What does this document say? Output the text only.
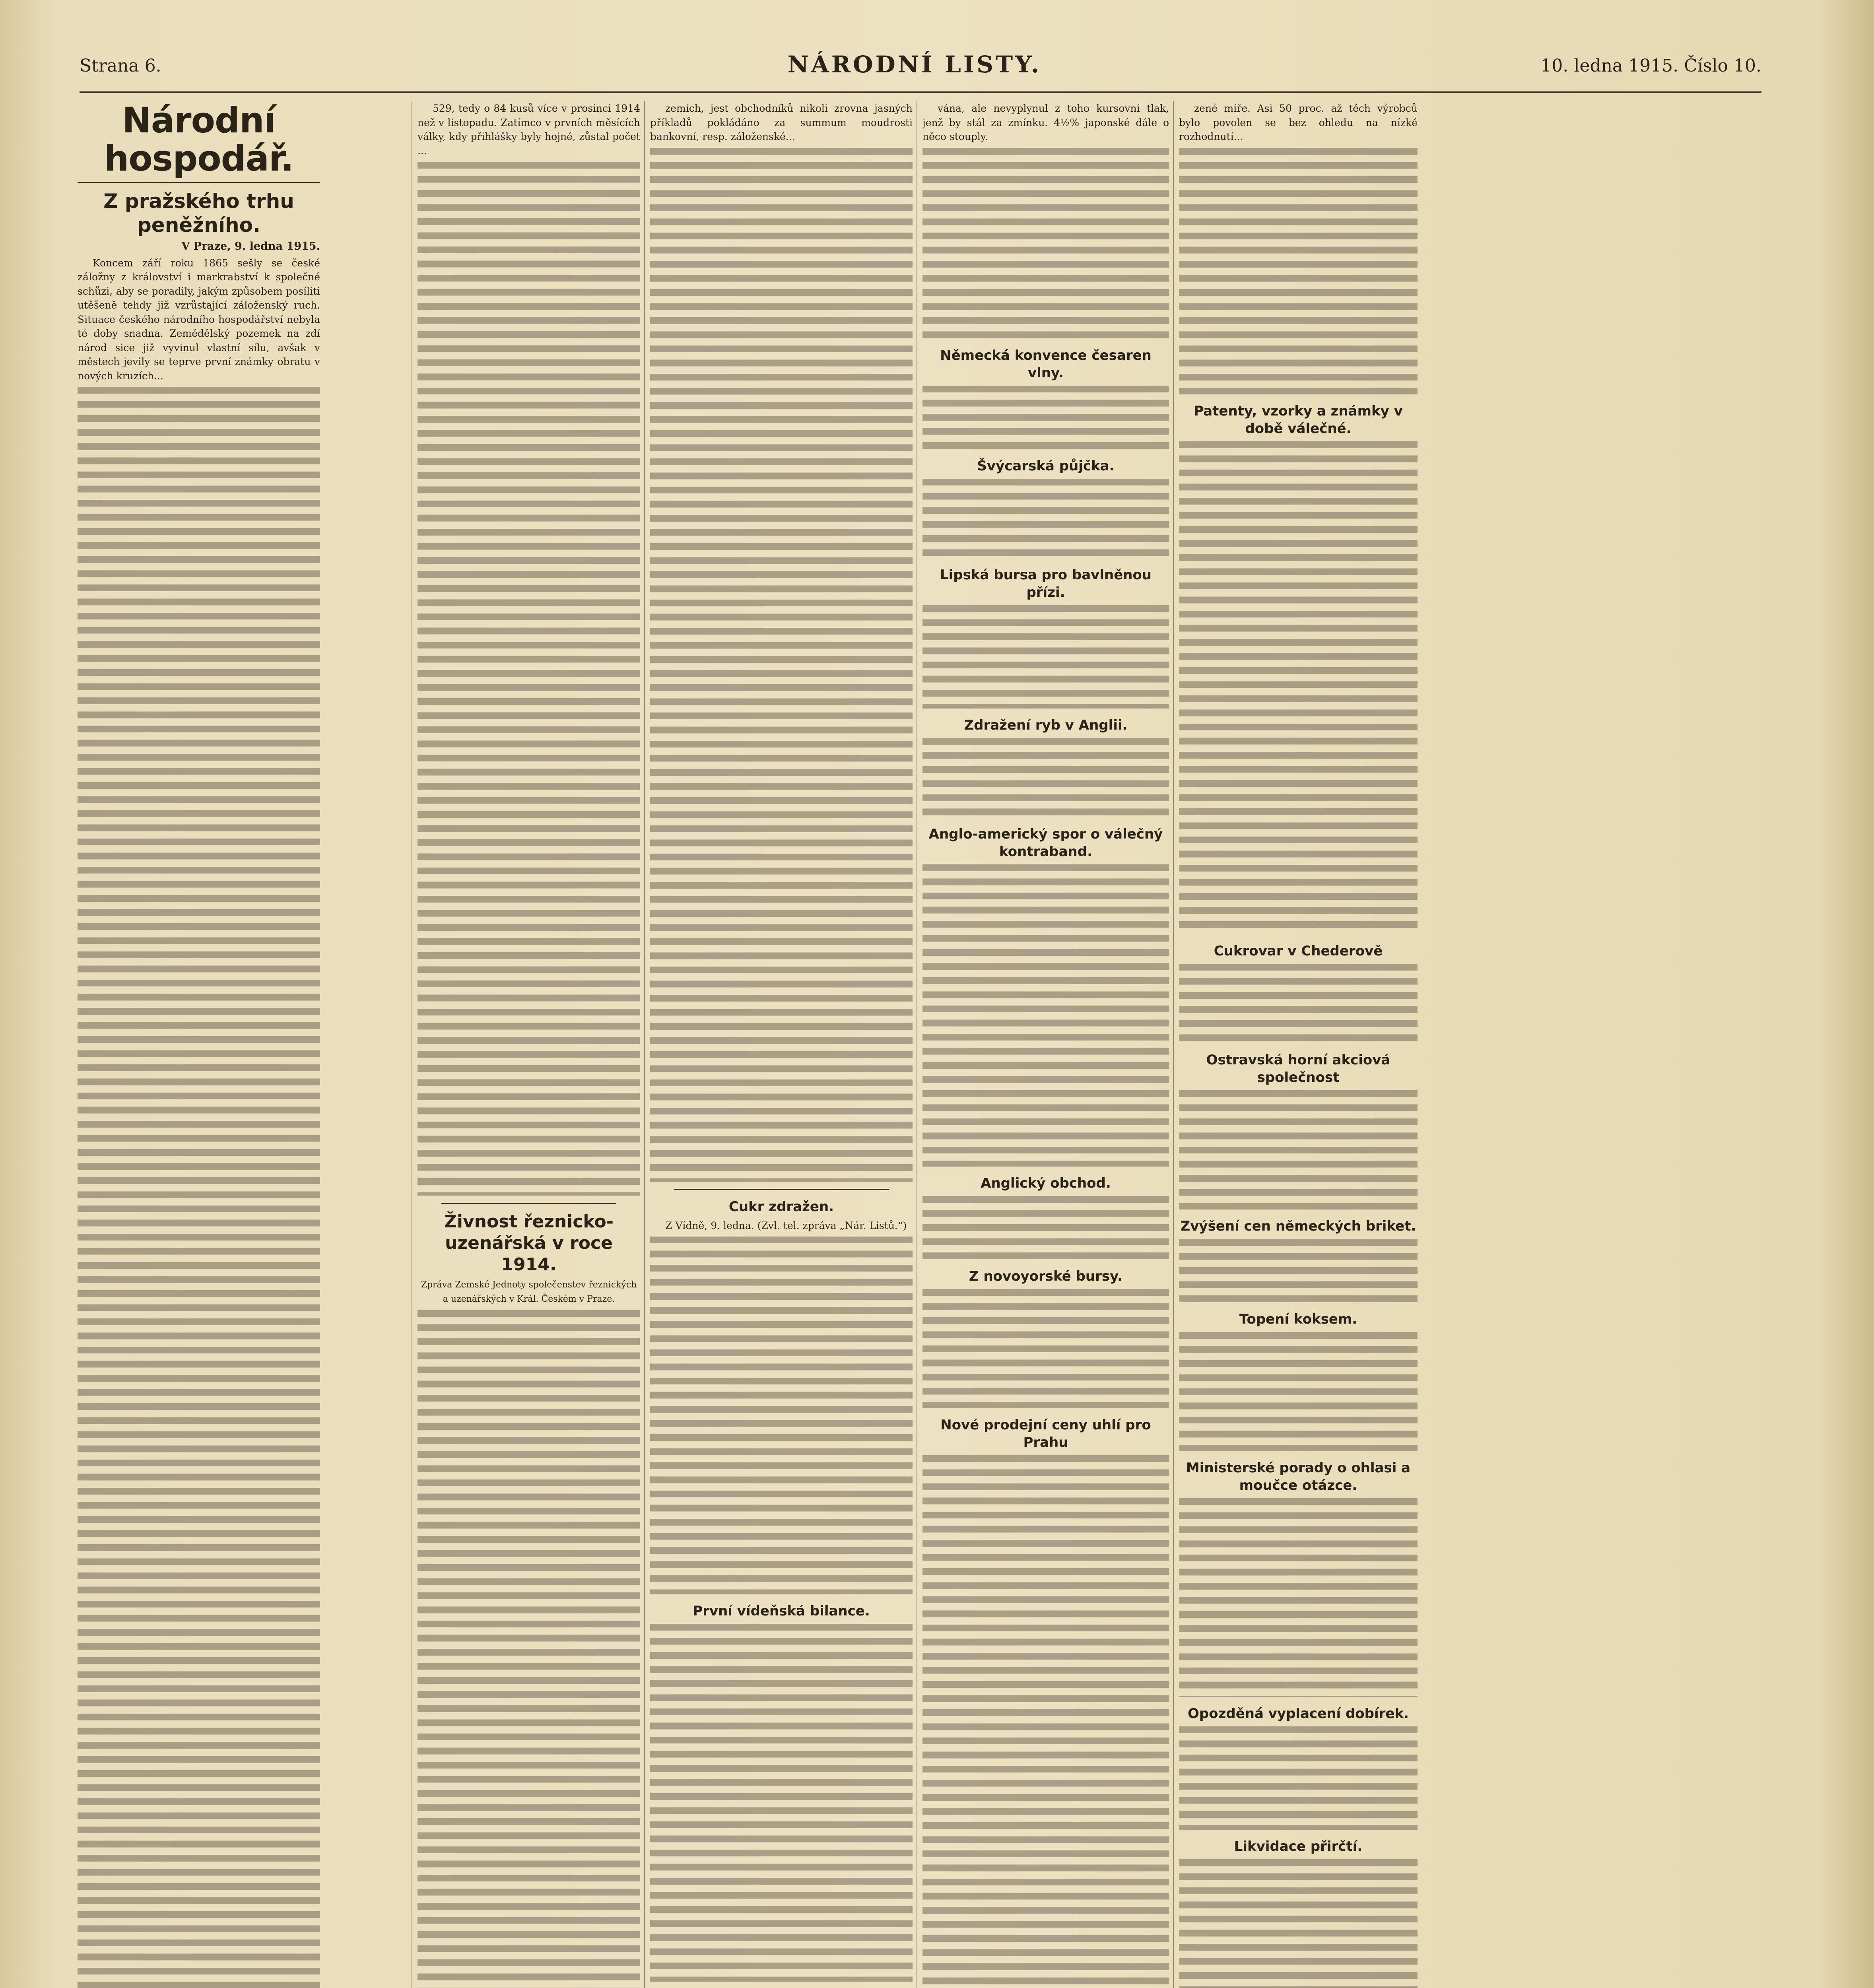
Strana 6.	NÁRODNÍ LISTY.	10. ledna 1915. Číslo 10.
Národní hospodář.
Z pražského trhu peněžního.
V Praze, 9. ledna 1915.

Koncem září roku 1865 sešly se české záložny z království i markrabství k společné schůzi, aby se poradily, jakým způsobem posíliti utěšeně tehdy již vzrůstající záloženský ruch. Situace českého národního hospodářství nebyla té doby snadna. Zemědělský pozemek na zdí národ sice již vyvinul vlastní sílu, avšak v městech jevily se teprve první známky obratu v nových kruzích...

529, tedy o 84 kusů více v prosinci 1914 než v listopadu. Zatímco v prvních měsících války, kdy přihlášky byly hojné, zůstal počet ...

Živnost řeznicko-uzenářská v roce 1914.

Zpráva Zemské Jednoty společenstev řeznických a uzenářských v Král. Českém v Praze.

zemích, jest obchodníků nikoli zrovna jasných příkladů pokládáno za summum moudrosti bankovní, resp. záloženské...

Cukr zdražen.

Z Vídně, 9. ledna. (Zvl. tel. zpráva „Nár. Listů.“)

První vídeňská bilance.

vána, ale nevyplynul z toho kursovní tlak, jenž by stál za zmínku. 4½% japonské dále o něco stouply.

Německá konvence česaren vlny.
Švýcarská půjčka.
Lipská bursa pro bavlněnou přízi.
Zdražení ryb v Anglii.
Anglo-americký spor o válečný kontraband.
Anglický obchod.
Z novoyorské bursy.
Nové prodejní ceny uhlí pro Prahu

zené míře. Asi 50 proc. až těch výrobců bylo povolen se bez ohledu na nízké rozhodnutí...

Patenty, vzorky a známky v době válečné.
Cukrovar v Chederově
Ostravská horní akciová společnost
Zvýšení cen německých briket.
Topení koksem.
Ministerské porady o ohlasi a moučce otázce.
Opozděná vyplacení dobírek.
Likvidace přirčtí.
